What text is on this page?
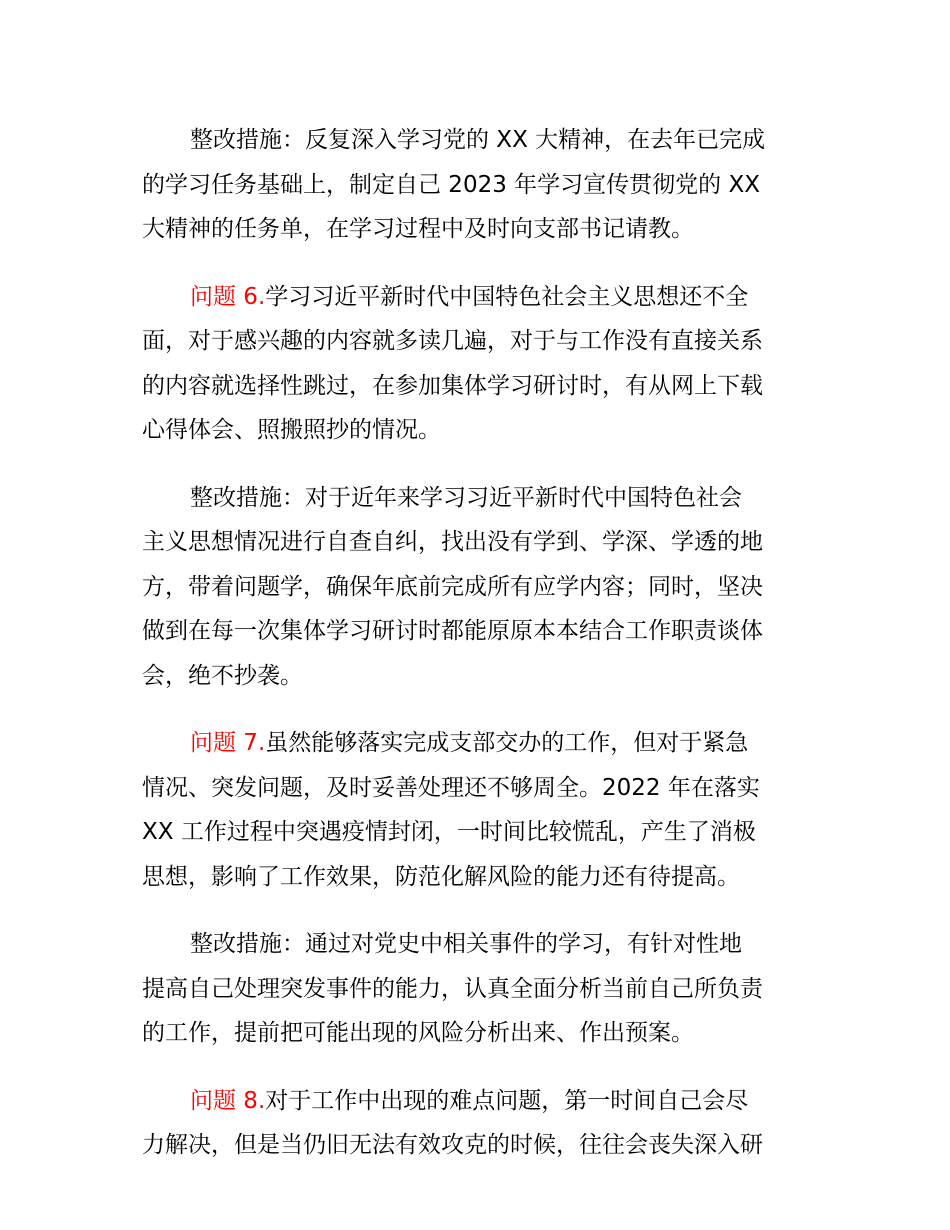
整改措施：反复深入学习党的 XX 大精神，在去年已完成
的学习任务基础上，制定自己 2023 年学习宣传贯彻党的 XX
大精神的任务单，在学习过程中及时向支部书记请教。

问题 6.学习习近平新时代中国特色社会主义思想还不全
面，对于感兴趣的内容就多读几遍，对于与工作没有直接关系
的内容就选择性跳过，在参加集体学习研讨时，有从网上下载
心得体会、照搬照抄的情况。

整改措施：对于近年来学习习近平新时代中国特色社会
主义思想情况进行自查自纠，找出没有学到、学深、学透的地
方，带着问题学，确保年底前完成所有应学内容；同时，坚决
做到在每一次集体学习研讨时都能原原本本结合工作职责谈体
会，绝不抄袭。

问题 7.虽然能够落实完成支部交办的工作，但对于紧急
情况、突发问题，及时妥善处理还不够周全。2022 年在落实
XX 工作过程中突遇疫情封闭，一时间比较慌乱，产生了消极
思想，影响了工作效果，防范化解风险的能力还有待提高。

整改措施：通过对党史中相关事件的学习，有针对性地
提高自己处理突发事件的能力，认真全面分析当前自己所负责
的工作，提前把可能出现的风险分析出来、作出预案。

问题 8.对于工作中出现的难点问题，第一时间自己会尽
力解决，但是当仍旧无法有效攻克的时候，往往会丧失深入研
